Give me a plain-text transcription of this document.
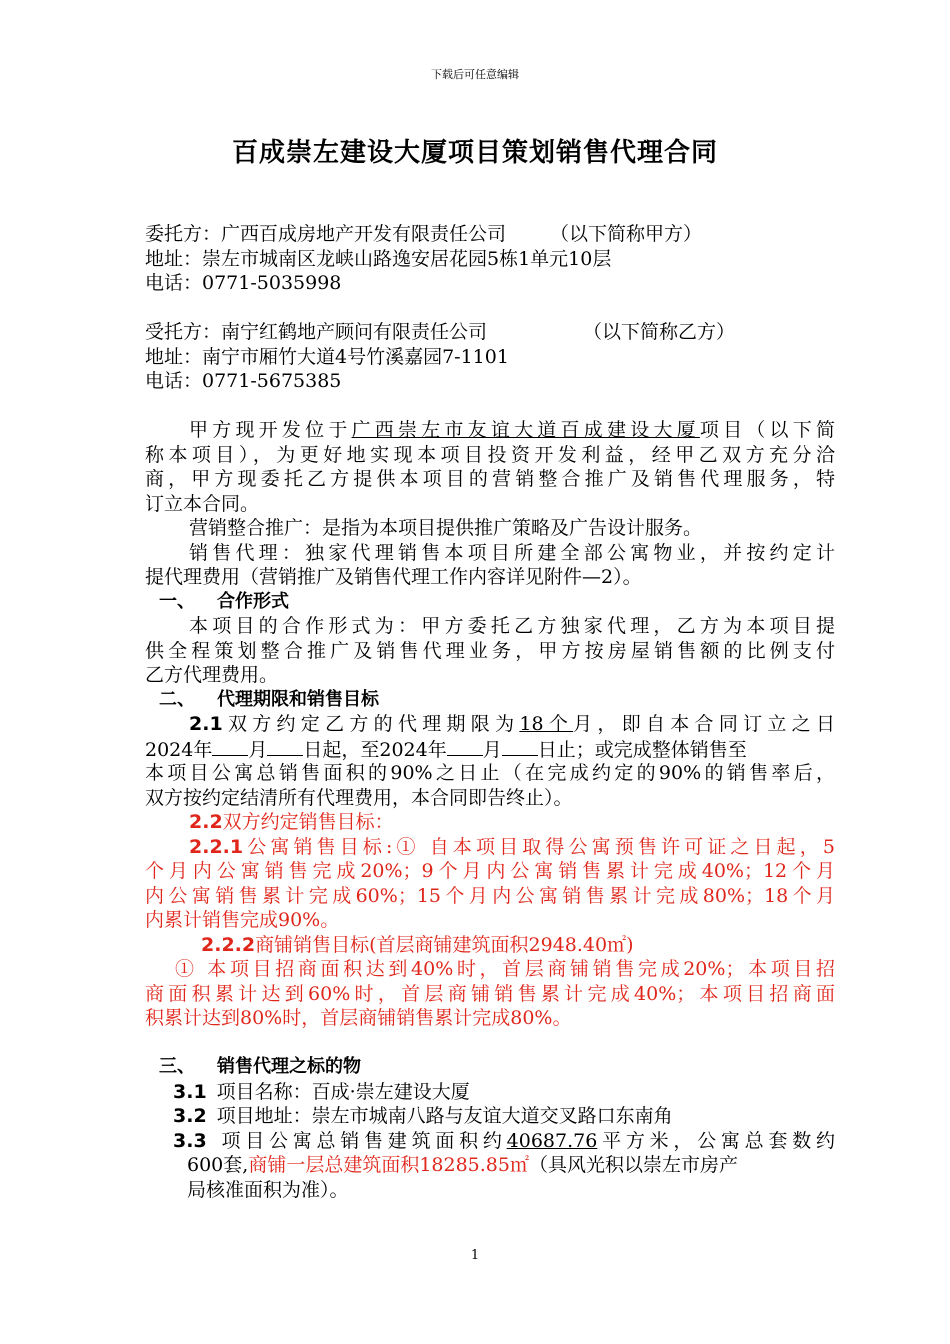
下载后可任意编辑
百成崇左建设大厦项目策划销售代理合同
委托方：广西百成房地产开发有限责任公司 （以下简称甲方）
地址：崇左市城南区龙峡山路逸安居花园5栋1单元10层
电话：0771-5035998
受托方：南宁红鹤地产顾问有限责任公司	（以下简称乙方）
地址：南宁市厢竹大道4号竹溪嘉园7-1101
电话：0771-5675385
甲方现开发位于广西崇左市友谊大道百成建设大厦项目（以下简
称本项目），为更好地实现本项目投资开发利益，经甲乙双方充分洽
商，甲方现委托乙方提供本项目的营销整合推广及销售代理服务，特
订立本合同。
营销整合推广：是指为本项目提供推广策略及广告设计服务。
销售代理：独家代理销售本项目所建全部公寓物业，并按约定计
提代理费用（营销推广及销售代理工作内容详见附件—2）。
一、 合作形式
本项目的合作形式为：甲方委托乙方独家代理，乙方为本项目提
供全程策划整合推广及销售代理业务，甲方按房屋销售额的比例支付
乙方代理费用。
二、 代理期限和销售目标
2.1双方约定乙方的代理期限为18个月，即自本合同订立之日
2024年 月 日起，至2024年 月 日止；或完成整体销售至
本项目公寓总销售面积的90%之日止（在完成约定的90%的销售率后，
双方按约定结清所有代理费用，本合同即告终止）。
2.2双方约定销售目标：
2.2.1公寓销售目标:① 自本项目取得公寓预售许可证之日起，5
个月内公寓销售完成20%；9个月内公寓销售累计完成40%；12个月
内公寓销售累计完成60%；15个月内公寓销售累计完成80%；18个月
内累计销售完成90%。
2.2.2商铺销售目标(首层商铺建筑面积2948.40㎡)
① 本项目招商面积达到40%时，首层商铺销售完成20%；本项目招
商面积累计达到60%时，首层商铺销售累计完成40%；本项目招商面
积累计达到80%时，首层商铺销售累计完成80%。
三、 销售代理之标的物
3.1 项目名称：百成·崇左建设大厦
3.2 项目地址：崇左市城南八路与友谊大道交叉路口东南角
3.3 项目公寓总销售建筑面积约40687.76平方米，公寓总套数约
600套,商铺一层总建筑面积18285.85㎡（具风光积以崇左市房产
局核准面积为准）。
1
